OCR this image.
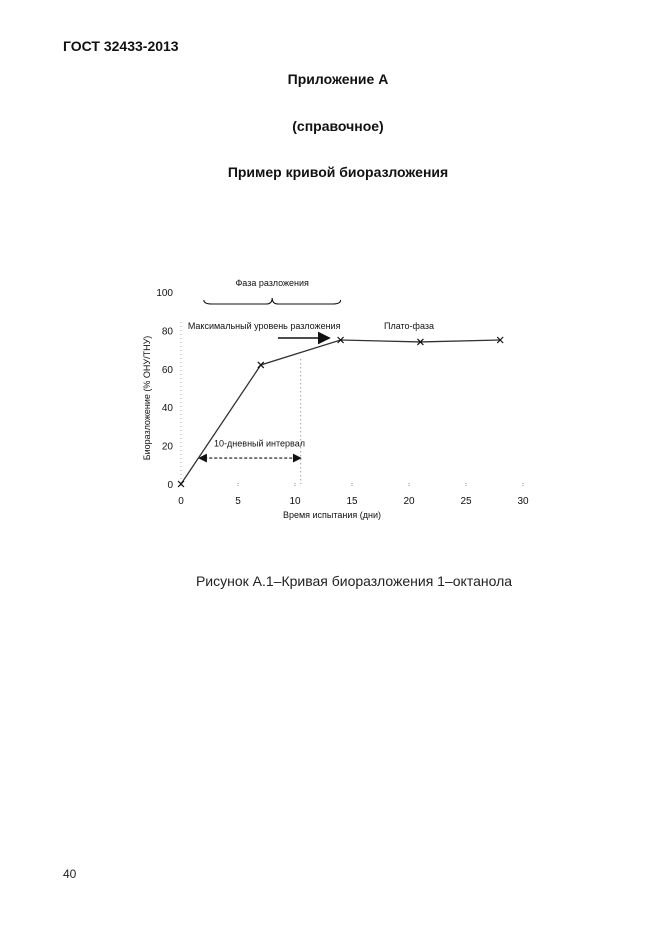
ГОСТ 32433-2013
Приложение А
(справочное)
Пример кривой биоразложения
0
20
40
60
80
100
0	5	10	15	20	25	30
Время испытания (дни)
Биоразложение (% ОНУ/ТНУ)
Фаза разложения
Максимальный уровень разложения	Плато-фаза
10-дневный интервал
Рисунок А.1–Кривая биоразложения 1–октанола
40
